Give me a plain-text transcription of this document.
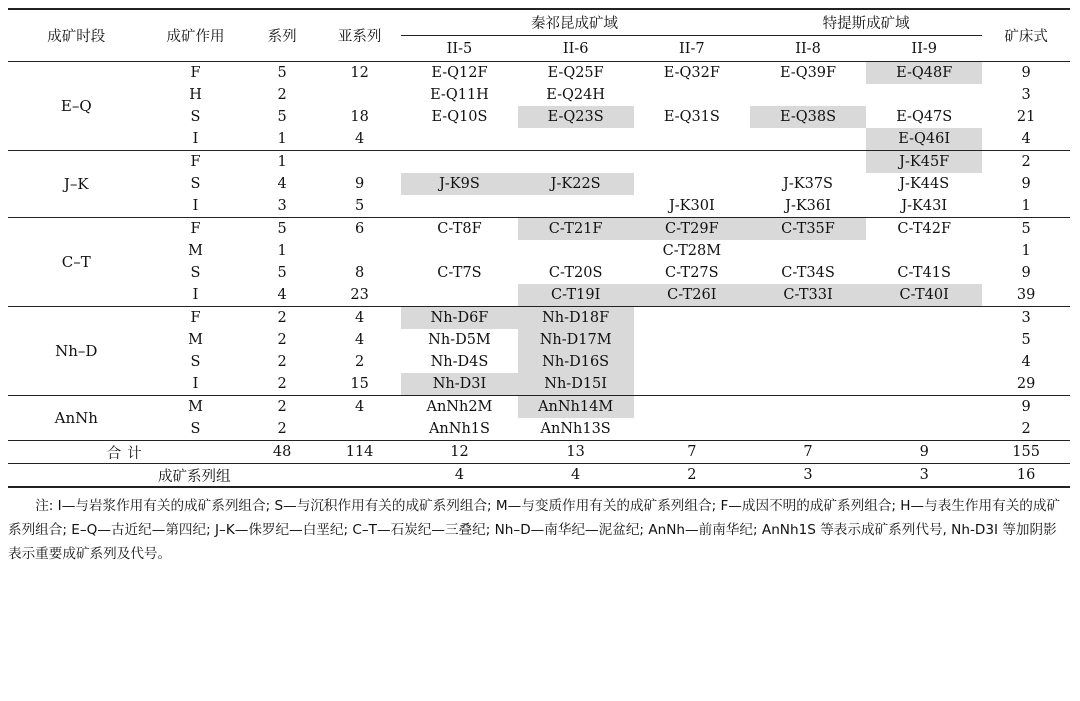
成矿时段	成矿作用	系列	亚系列	秦祁昆成矿域			特提斯成矿域		矿床式
				II-5	II-6	II-7	II-8	II-9	
E–Q	F	5	12	E-Q12F	E-Q25F	E-Q32F	E-Q39F	E-Q48F	9
	H	2		E-Q11H	E-Q24H				3
	S	5	18	E-Q10S	E-Q23S	E-Q31S	E-Q38S	E-Q47S	21
	I	1	4					E-Q46I	4
J–K	F	1						J-K45F	2
	S	4	9	J-K9S	J-K22S		J-K37S	J-K44S	9
	I	3	5			J-K30I	J-K36I	J-K43I	1
C–T	F	5	6	C-T8F	C-T21F	C-T29F	C-T35F	C-T42F	5
	M	1				C-T28M			1
	S	5	8	C-T7S	C-T20S	C-T27S	C-T34S	C-T41S	9
	I	4	23		C-T19I	C-T26I	C-T33I	C-T40I	39
Nh–D	F	2	4	Nh-D6F	Nh-D18F				3
	M	2	4	Nh-D5M	Nh-D17M				5
	S	2	2	Nh-D4S	Nh-D16S				4
	I	2	15	Nh-D3I	Nh-D15I				29
AnNh	M	2	4	AnNh2M	AnNh14M				9
	S	2		AnNh1S	AnNh13S				2
合计		48	114	12	13	7	7	9	155
成矿系列组				4	4	2	3	3	16
注: I—与岩浆作用有关的成矿系列组合; S—与沉积作用有关的成矿系列组合; M—与变质作用有关的成矿系列组合; F—成因不明的成矿系列组合; H—与表生作用有关的成矿系列组合; E–Q—古近纪—第四纪; J–K—侏罗纪—白垩纪; C–T—石炭纪—三叠纪; Nh–D—南华纪—泥盆纪; AnNh—前南华纪; AnNh1S 等表示成矿系列代号, Nh-D3I 等加阴影表示重要成矿系列及代号。
